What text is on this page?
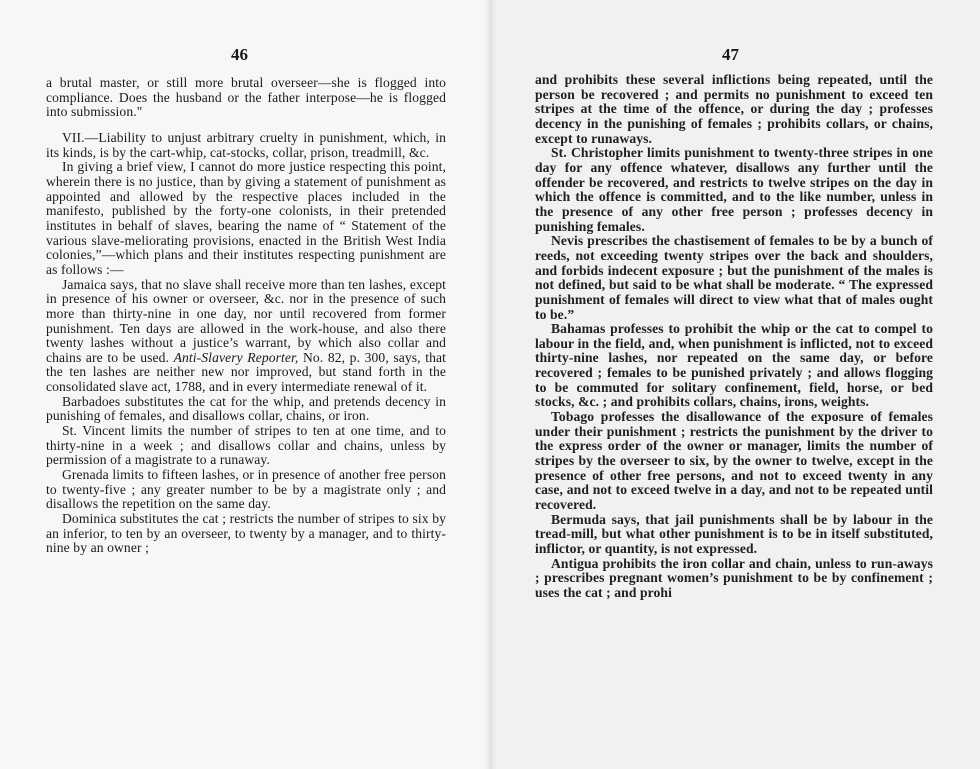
46

a brutal master, or still more brutal overseer—she is flogged into compliance. Does the husband or the father interpose—he is flogged into submission."

VII.—Liability to unjust arbitrary cruelty in punishment, which, in its kinds, is by the cart-whip, cat-stocks, collar, prison, treadmill, &c.

In giving a brief view, I cannot do more justice respecting this point, wherein there is no justice, than by giving a statement of punishment as appointed and allowed by the respective places included in the manifesto, published by the forty-one colonists, in their pretended institutes in behalf of slaves, bearing the name of “ Statement of the various slave-meliorating provisions, enacted in the British West India colonies,”—which plans and their institutes respecting punishment are as follows :—

Jamaica says, that no slave shall receive more than ten lashes, except in presence of his owner or overseer, &c. nor in the presence of such more than thirty-nine in one day, nor until recovered from former punishment. Ten days are allowed in the work-house, and also there twenty lashes without a justice’s warrant, by which also collar and chains are to be used. Anti-Slavery Reporter, No. 82, p. 300, says, that the ten lashes are neither new nor improved, but stand forth in the consolidated slave act, 1788, and in every intermediate renewal of it.

Barbadoes substitutes the cat for the whip, and pretends decency in punishing of females, and disallows collar, chains, or iron.

St. Vincent limits the number of stripes to ten at one time, and to thirty-nine in a week ; and disallows collar and chains, unless by permission of a magistrate to a runaway.

Grenada limits to fifteen lashes, or in presence of another free person to twenty-five ; any greater number to be by a magistrate only ; and disallows the repetition on the same day.

Dominica substitutes the cat ; restricts the number of stripes to six by an inferior, to ten by an overseer, to twenty by a manager, and to thirty-nine by an owner ;

47

and prohibits these several inflictions being repeated, until the person be recovered ; and permits no punishment to exceed ten stripes at the time of the offence, or during the day ; professes decency in the punishing of females ; prohibits collars, or chains, except to runaways.

St. Christopher limits punishment to twenty-three stripes in one day for any offence whatever, disallows any further until the offender be recovered, and restricts to twelve stripes on the day in which the offence is committed, and to the like number, unless in the presence of any other free person ; professes decency in punishing females.

Nevis prescribes the chastisement of females to be by a bunch of reeds, not exceeding twenty stripes over the back and shoulders, and forbids indecent exposure ; but the punishment of the males is not defined, but said to be what shall be moderate. “ The expressed punishment of females will direct to view what that of males ought to be.”

Bahamas professes to prohibit the whip or the cat to compel to labour in the field, and, when punishment is inflicted, not to exceed thirty-nine lashes, nor repeated on the same day, or before recovered ; females to be punished privately ; and allows flogging to be commuted for solitary confinement, field, horse, or bed stocks, &c. ; and prohibits collars, chains, irons, weights.

Tobago professes the disallowance of the exposure of females under their punishment ; restricts the punishment by the driver to the express order of the owner or manager, limits the number of stripes by the overseer to six, by the owner to twelve, except in the presence of other free persons, and not to exceed twenty in any case, and not to exceed twelve in a day, and not to be repeated until recovered.

Bermuda says, that jail punishments shall be by labour in the tread-mill, but what other punishment is to be in itself substituted, inflictor, or quantity, is not expressed.

Antigua prohibits the iron collar and chain, unless to run-aways ; prescribes pregnant women’s punishment to be by confinement ; uses the cat ; and prohi
